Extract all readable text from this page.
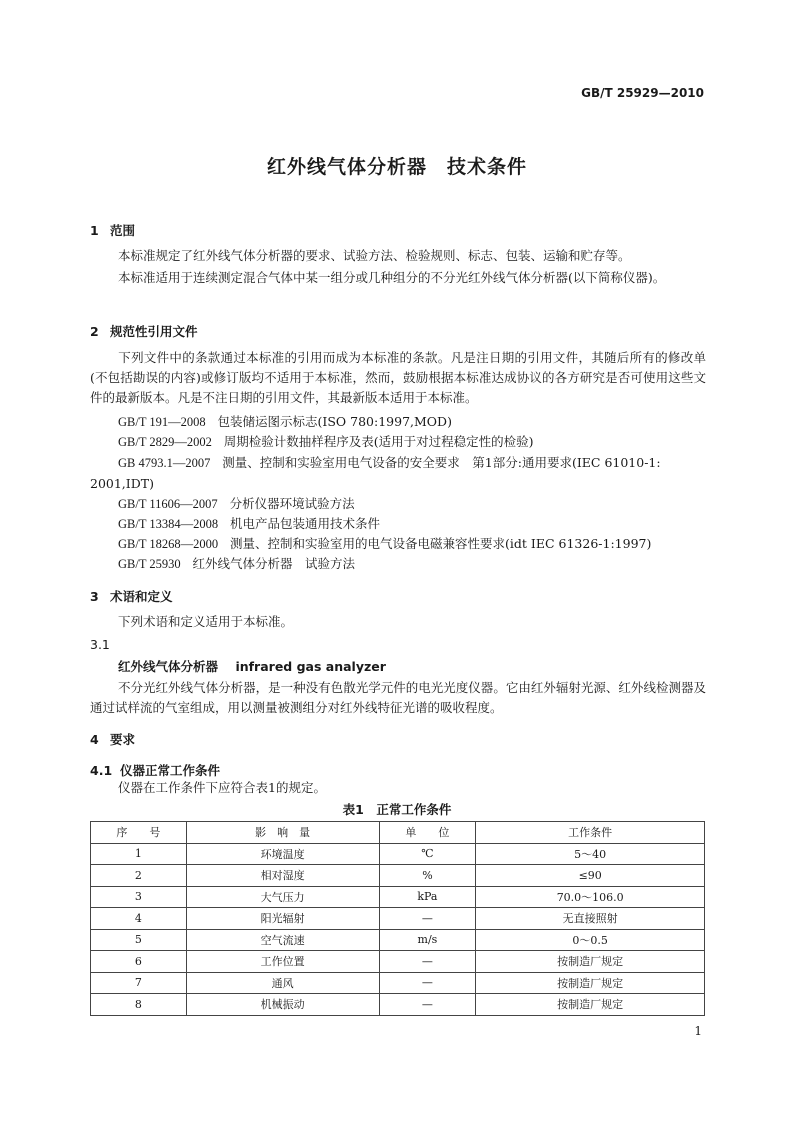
GB/T 25929—2010
红外线气体分析器　技术条件
1 范围
本标准规定了红外线气体分析器的要求、试验方法、检验规则、标志、包装、运输和贮存等。
本标准适用于连续测定混合气体中某一组分或几种组分的不分光红外线气体分析器(以下简称仪器)。
2 规范性引用文件
下列文件中的条款通过本标准的引用而成为本标准的条款。凡是注日期的引用文件，其随后所有的修改单(不包括勘误的内容)或修订版均不适用于本标准，然而，鼓励根据本标准达成协议的各方研究是否可使用这些文件的最新版本。凡是不注日期的引用文件，其最新版本适用于本标准。
GB/T 191—2008 包装储运图示标志(ISO 780:1997,MOD)
GB/T 2829—2002 周期检验计数抽样程序及表(适用于对过程稳定性的检验)
GB 4793.1—2007 测量、控制和实验室用电气设备的安全要求　第1部分:通用要求(IEC 61010-1:
2001,IDT)
GB/T 11606—2007 分析仪器环境试验方法
GB/T 13384—2008 机电产品包装通用技术条件
GB/T 18268—2000 测量、控制和实验室用的电气设备电磁兼容性要求(idt IEC 61326-1:1997)
GB/T 25930 红外线气体分析器　试验方法
3 术语和定义
下列术语和定义适用于本标准。
3.1
红外线气体分析器 infrared gas analyzer
不分光红外线气体分析器，是一种没有色散光学元件的电光光度仪器。它由红外辐射光源、红外线检测器及通过试样流的气室组成，用以测量被测组分对红外线特征光谱的吸收程度。
4 要求
4.1 仪器正常工作条件
仪器在工作条件下应符合表1的规定。
表1　正常工作条件
序　　号	影　响　量	单　　位	工作条件
1	环境温度	℃	5～40
2	相对湿度	%	≤90
3	大气压力	kPa	70.0～106.0
4	阳光辐射	—	无直接照射
5	空气流速	m/s	0～0.5
6	工作位置	—	按制造厂规定
7	通风	—	按制造厂规定
8	机械振动	—	按制造厂规定
1
